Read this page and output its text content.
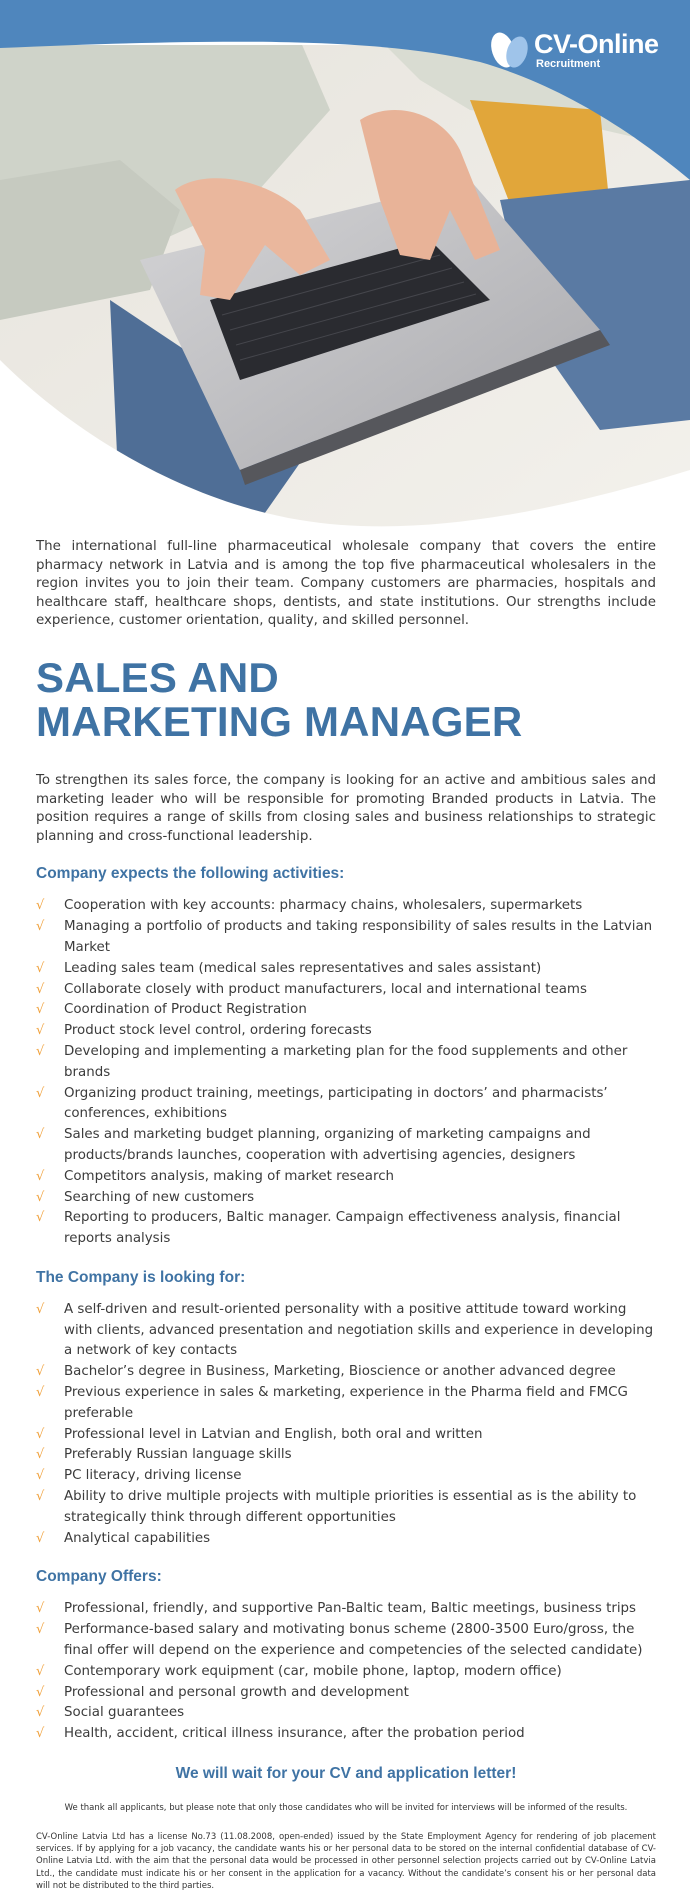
CV-Online
Recruitment

The international full-line pharmaceutical wholesale company that covers the entire pharmacy network in Latvia and is among the top five pharmaceutical wholesalers in the region invites you to join their team. Company customers are pharmacies, hospitals and healthcare staff, healthcare shops, dentists, and state institutions. Our strengths include experience, customer orientation, quality, and skilled personnel.

SALES AND
MARKETING MANAGER

To strengthen its sales force, the company is looking for an active and ambitious sales and marketing leader who will be responsible for promoting Branded products in Latvia. The position requires a range of skills from closing sales and business relationships to strategic planning and cross-functional leadership.

Company expects the following activities:
√ Cooperation with key accounts: pharmacy chains, wholesalers, supermarkets
√ Managing a portfolio of products and taking responsibility of sales results in the Latvian Market
√ Leading sales team (medical sales representatives and sales assistant)
√ Collaborate closely with product manufacturers, local and international teams
√ Coordination of Product Registration
√ Product stock level control, ordering forecasts
√ Developing and implementing a marketing plan for the food supplements and other brands
√ Organizing product training, meetings, participating in doctors’ and pharmacists’ conferences, exhibitions
√ Sales and marketing budget planning, organizing of marketing campaigns and products/brands launches, cooperation with advertising agencies, designers
√ Competitors analysis, making of market research
√ Searching of new customers
√ Reporting to producers, Baltic manager. Campaign effectiveness analysis, financial reports analysis
The Company is looking for:
√ A self-driven and result-oriented personality with a positive attitude toward working with clients, advanced presentation and negotiation skills and experience in developing a network of key contacts
√ Bachelor’s degree in Business, Marketing, Bioscience or another advanced degree
√ Previous experience in sales & marketing, experience in the Pharma field and FMCG preferable
√ Professional level in Latvian and English, both oral and written
√ Preferably Russian language skills
√ PC literacy, driving license
√ Ability to drive multiple projects with multiple priorities is essential as is the ability to strategically think through different opportunities
√ Analytical capabilities
Company Offers:
√ Professional, friendly, and supportive Pan-Baltic team, Baltic meetings, business trips
√ Performance-based salary and motivating bonus scheme (2800-3500 Euro/gross, the final offer will depend on the experience and competencies of the selected candidate)
√ Contemporary work equipment (car, mobile phone, laptop, modern office)
√ Professional and personal growth and development
√ Social guarantees
√ Health, accident, critical illness insurance, after the probation period

We will wait for your CV and application letter!

We thank all applicants, but please note that only those candidates who will be invited for interviews will be informed of the results.

CV-Online Latvia Ltd has a license No.73 (11.08.2008, open-ended) issued by the State Employment Agency for rendering of job placement services. If by applying for a job vacancy, the candidate wants his or her personal data to be stored on the internal confidential database of CV-Online Latvia Ltd. with the aim that the personal data would be processed in other personnel selection projects carried out by CV-Online Latvia Ltd., the candidate must indicate his or her consent in the application for a vacancy. Without the candidate’s consent his or her personal data will not be distributed to the third parties.
